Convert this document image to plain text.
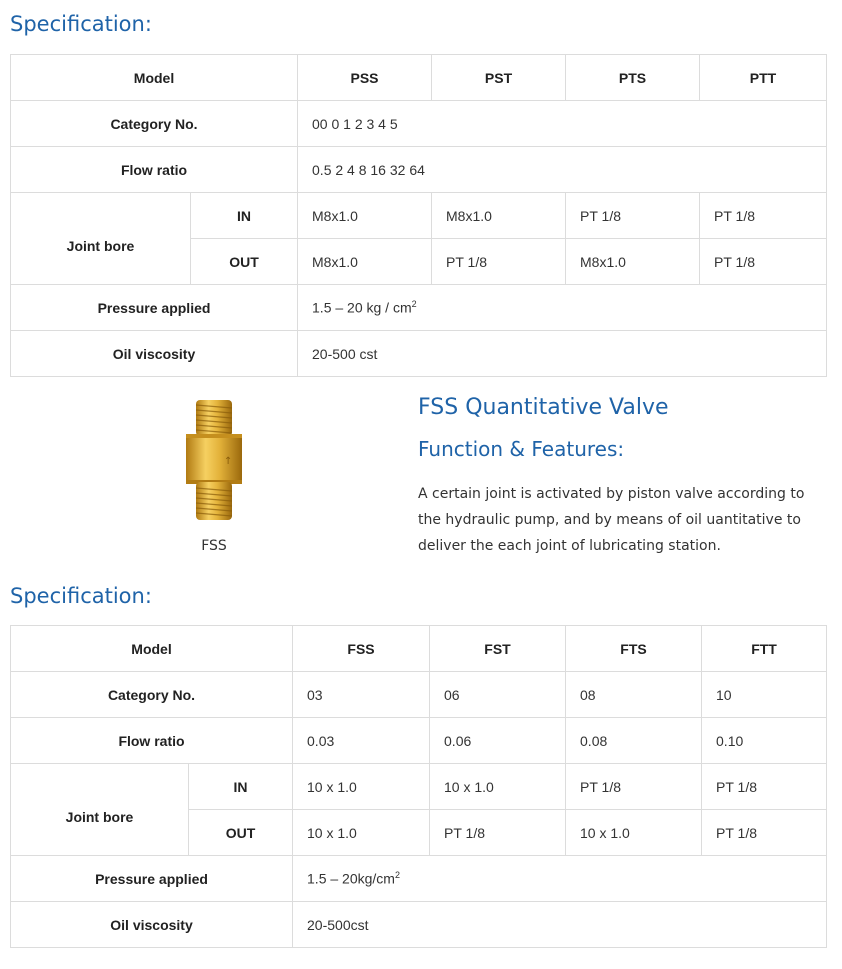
Specification:
Model		PSS	PST	PTS	PTT
Category No.		00 0 1 2 3 4 5			
Flow ratio		0.5 2 4 8 16 32 64			
Joint bore	IN	M8x1.0	M8x1.0	PT 1/8	PT 1/8
	OUT	M8x1.0	PT 1/8	M8x1.0	PT 1/8
Pressure applied		1.5 – 20 kg / $cm^2$
Oil viscosity		20-500 cst			
↑
FSS
FSS Quantitative Valve
Function & Features:

A certain joint is activated by piston valve according to the hydraulic pump, and by means of oil uantitative to deliver the each joint of lubricating station.

Specification:
Model		FSS	FST	FTS	FTT
Category No.		03	06	08	10
Flow ratio		0.03	0.06	0.08	0.10
Joint bore	IN	10 x 1.0	10 x 1.0	PT 1/8	PT 1/8
	OUT	10 x 1.0	PT 1/8	10 x 1.0	PT 1/8
Pressure applied		$1.5 - 20kg/cm^2$
Oil viscosity		20-500cst			
